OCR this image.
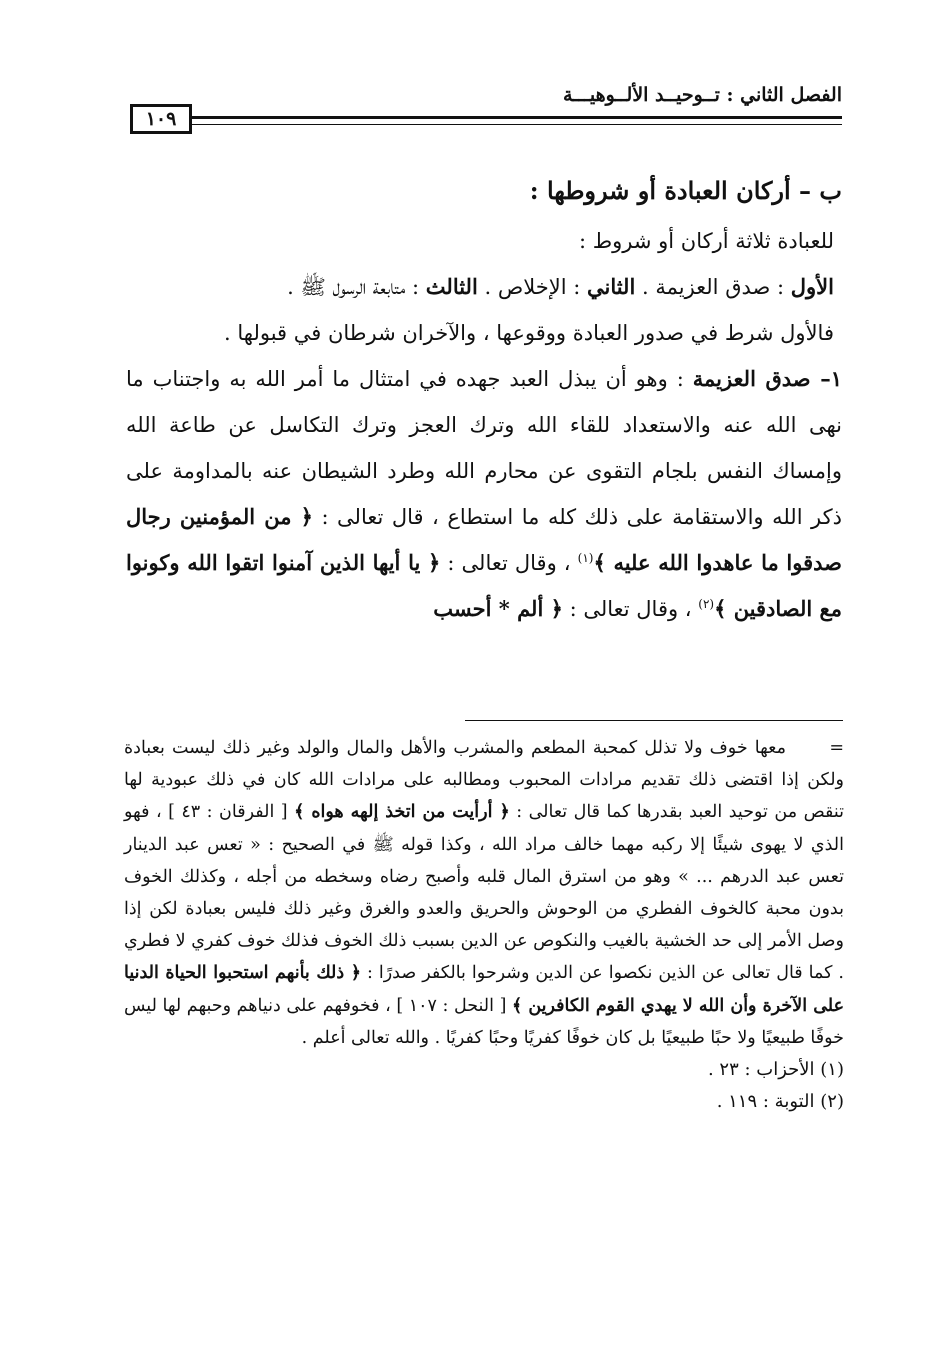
الفصل الثاني : تــوحيــد الألــوهيـــة
١٠٩

ب – أركان العبادة أو شروطها :

للعبادة ثلاثة أركان أو شروط :

الأول : صدق العزيمة . الثاني : الإخلاص . الثالث : متابعة الرسول ﷺ .

فالأول شرط في صدور العبادة ووقوعها ، والآخران شرطان في قبولها .

١– صدق العزيمة : وهو أن يبذل العبد جهده في امتثال ما أمر الله به واجتناب ما نهى الله عنه والاستعداد للقاء الله وترك العجز وترك التكاسل عن طاعة الله وإمساك النفس بلجام التقوى عن محارم الله وطرد الشيطان عنه بالمداومة على ذكر الله والاستقامة على ذلك كله ما استطاع ، قال تعالى : ﴿ من المؤمنين رجال صدقوا ما عاهدوا الله عليه ﴾$^{(١)}$ ، وقال تعالى : ﴿ يا أيها الذين آمنوا اتقوا الله وكونوا مع الصادقين ﴾$^{(٢)}$ ، وقال تعالى : ﴿ ألم * أحسب

=
معها خوف ولا تذلل كمحبة المطعم والمشرب والأهل والمال والولد وغير ذلك ليست بعبادة ولكن إذا اقتضى ذلك تقديم مرادات المحبوب ومطالبه على مرادات الله كان في ذلك عبودية لها تنقص من توحيد العبد بقدرها كما قال تعالى : ﴿ أرأيت من اتخذ إلهه هواه ﴾ [ الفرقان : ٤٣ ] ، فهو الذي لا يهوى شيئًا إلا ركبه مهما خالف مراد الله ، وكذا قوله ﷺ في الصحيح : « تعس عبد الدينار تعس عبد الدرهم ... » وهو من استرق المال قلبه وأصبح رضاه وسخطه من أجله ، وكذلك الخوف بدون محبة كالخوف الفطري من الوحوش والحريق والعدو والغرق وغير ذلك فليس بعبادة لكن إذا وصل الأمر إلى حد الخشية بالغيب والنكوص عن الدين بسبب ذلك الخوف فذلك خوف كفري لا فطري . كما قال تعالى عن الذين نكصوا عن الدين وشرحوا بالكفر صدرًا : ﴿ ذلك بأنهم استحبوا الحياة الدنيا على الآخرة وأن الله لا يهدي القوم الكافرين ﴾ [ النحل : ١٠٧ ] ، فخوفهم على دنياهم وحبهم لها ليس خوفًا طبيعيًا ولا حبًا طبيعيًا بل كان خوفًا كفريًا وحبًا كفريًا . والله تعالى أعلم .

(١) الأحزاب : ٢٣ .

(٢) التوبة : ١١٩ .
